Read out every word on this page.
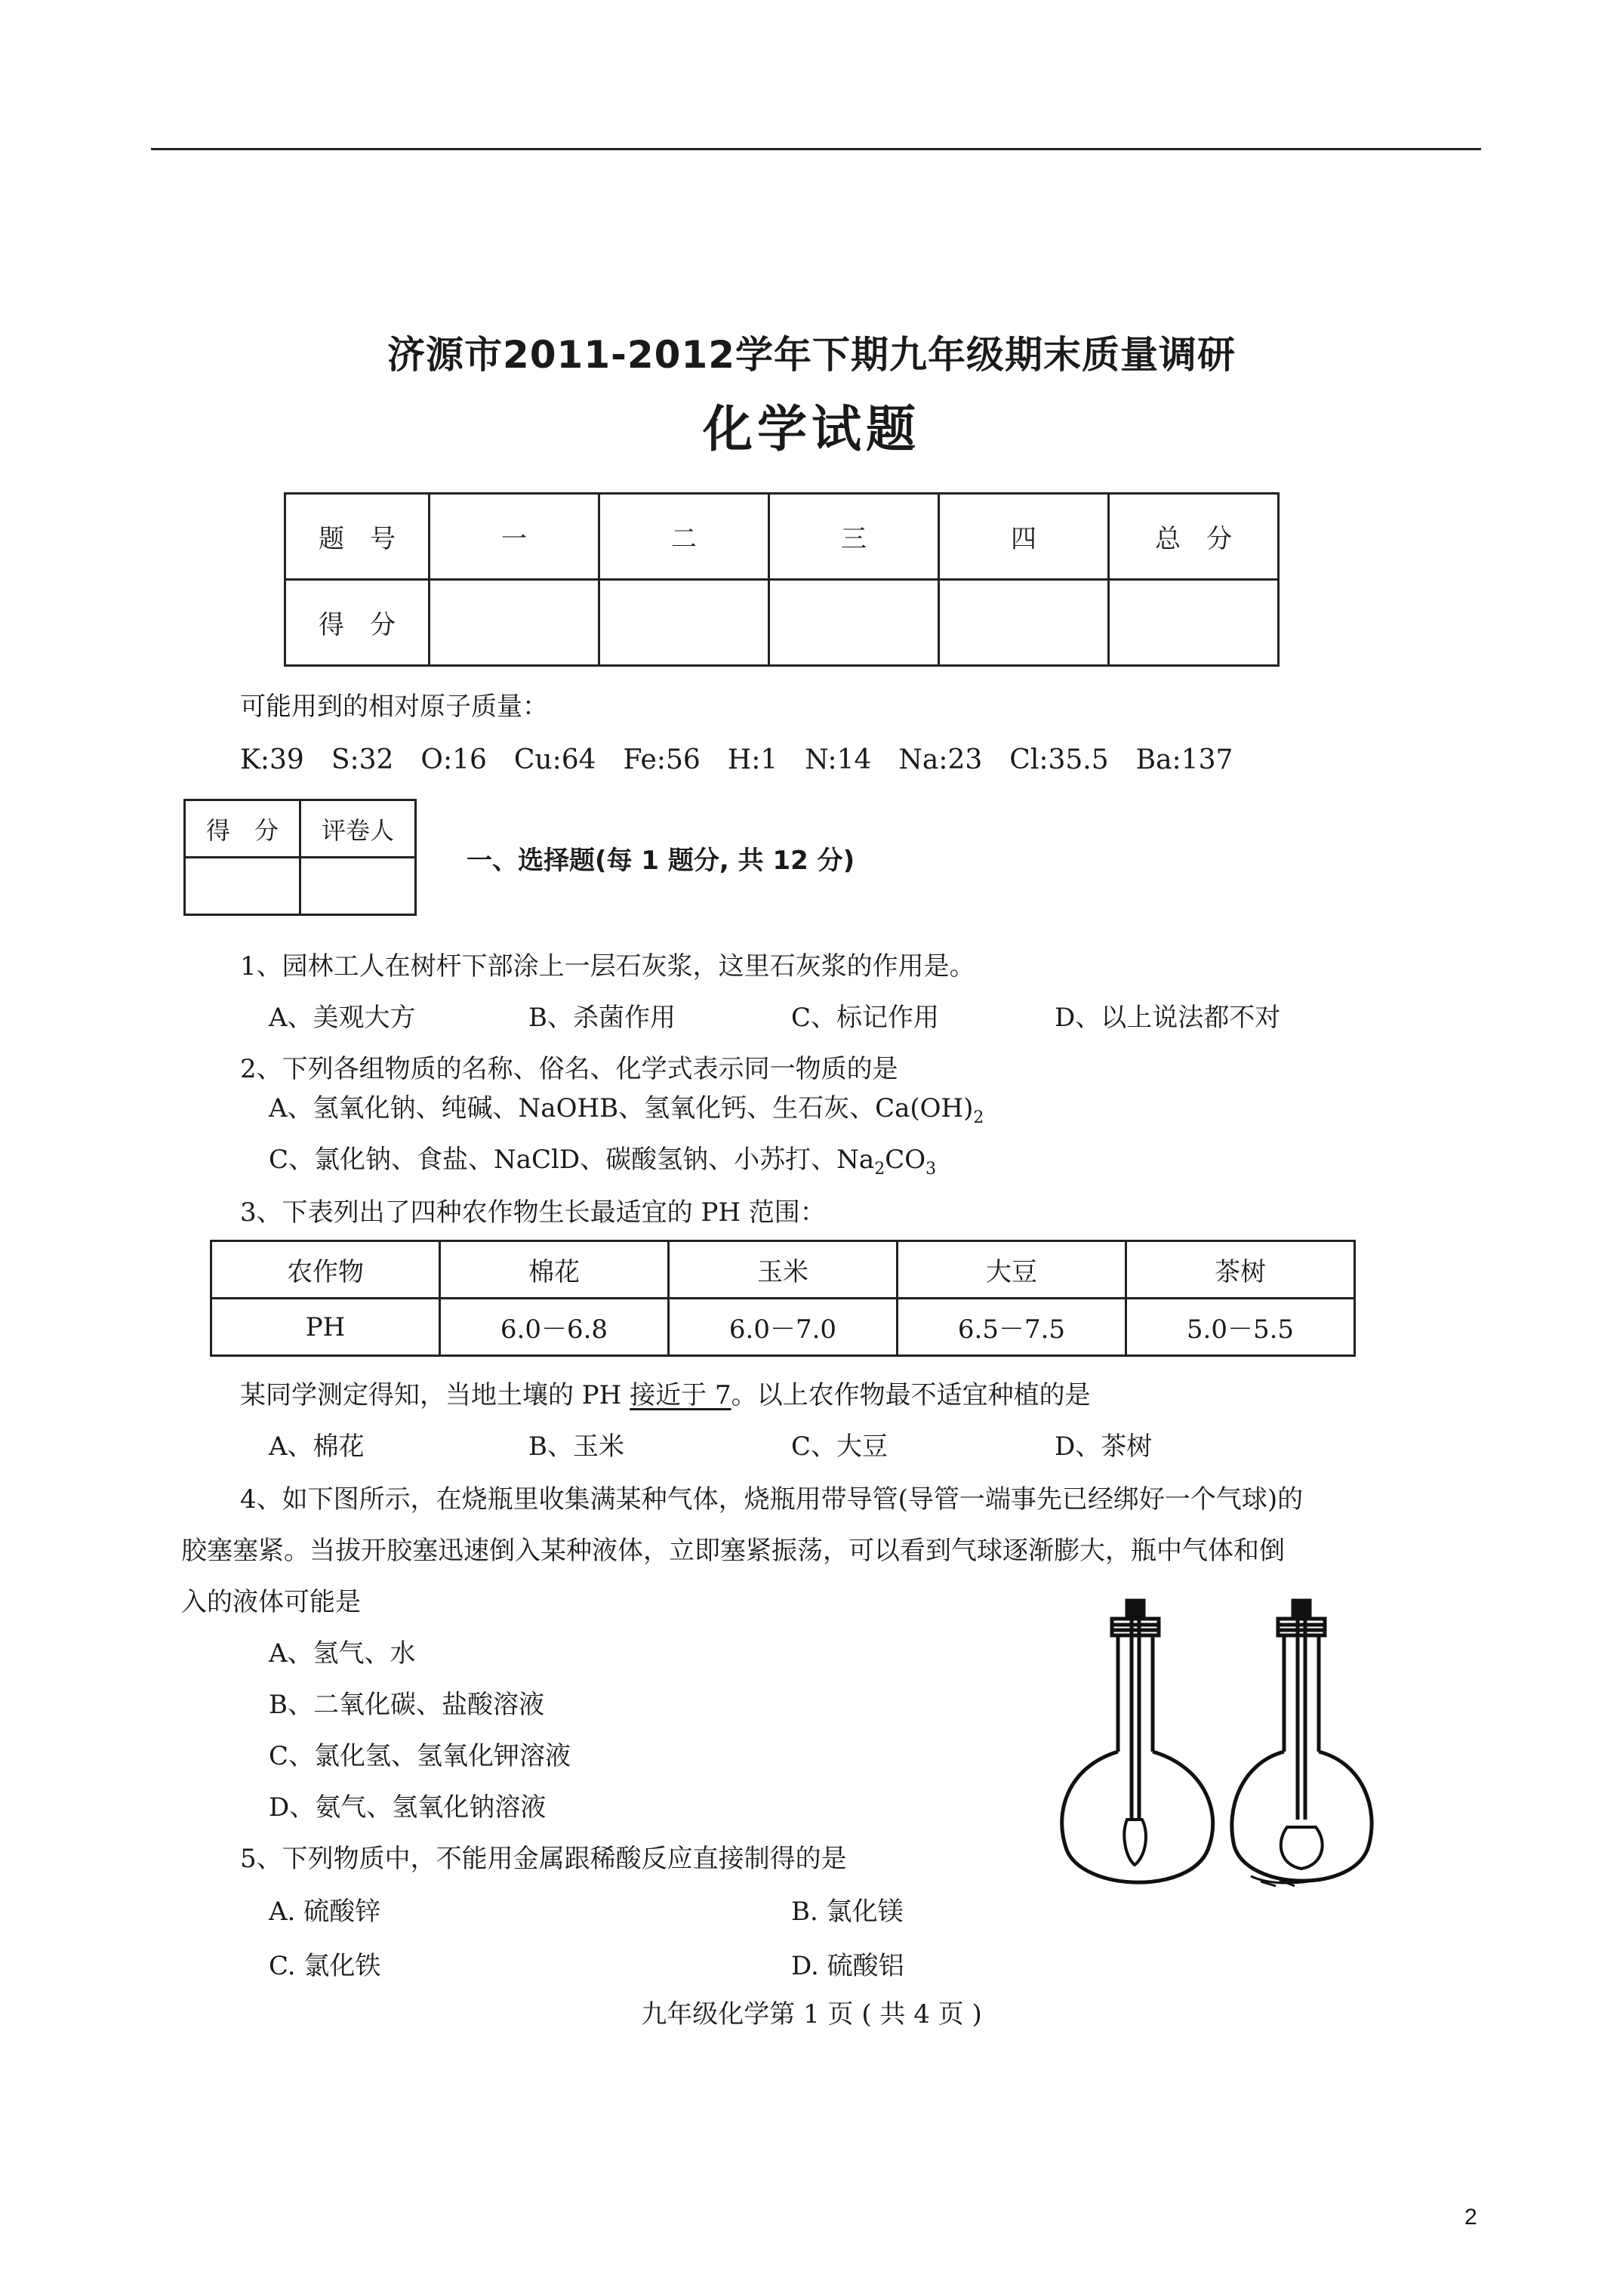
济源市2011-2012学年下期九年级期末质量调研
化学试题
题　号	一	二	三	四	总　分
得　分					
可能用到的相对原子质量：
K:39　S:32　O:16　Cu:64　Fe:56　H:1　N:14　Na:23　Cl:35.5　Ba:137
得　分	评卷人

一、选择题(每 1 题分, 共 12 分)
1、园林工人在树杆下部涂上一层石灰浆，这里石灰浆的作用是。
A、美观大方	B、杀菌作用	C、标记作用	D、以上说法都不对
2、下列各组物质的名称、俗名、化学式表示同一物质的是
A、氢氧化钠、纯碱、NaOHB、氢氧化钙、生石灰、$Ca(OH)_2$
C、氯化钠、食盐、NaClD、碳酸氢钠、小苏打、$Na_2CO_3$
3、下表列出了四种农作物生长最适宜的 PH 范围：
农作物	棉花	玉米	大豆	茶树
PH	6.0－6.8	6.0－7.0	6.5－7.5	5.0－5.5
某同学测定得知，当地土壤的 PH 接近于 7。以上农作物最不适宜种植的是
A、棉花	B、玉米	C、大豆	D、茶树
4、如下图所示，在烧瓶里收集满某种气体，烧瓶用带导管(导管一端事先已经绑好一个气球)的
胶塞塞紧。当拔开胶塞迅速倒入某种液体，立即塞紧振荡，可以看到气球逐渐膨大，瓶中气体和倒
入的液体可能是
A、氢气、水
B、二氧化碳、盐酸溶液
C、氯化氢、氢氧化钾溶液
D、氨气、氢氧化钠溶液
5、下列物质中，不能用金属跟稀酸反应直接制得的是
A. 硫酸锌	B. 氯化镁
C. 氯化铁	D. 硫酸铝
九年级化学第 1 页 ( 共 4 页 )
2
